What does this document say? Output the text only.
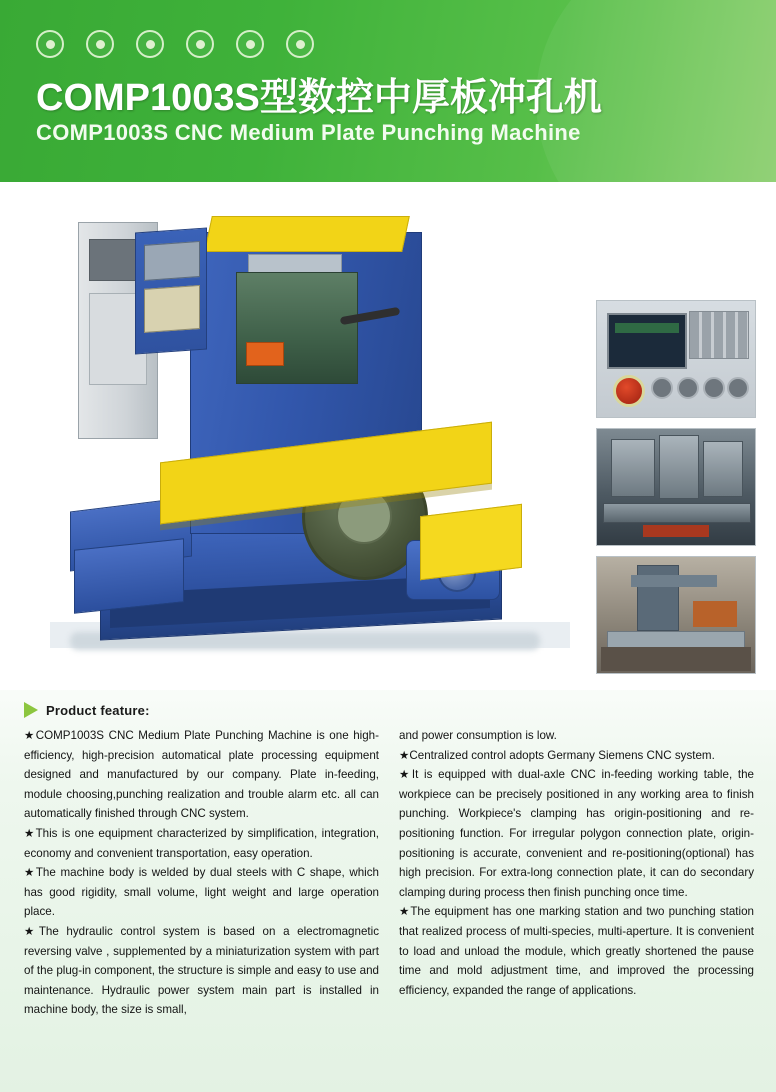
COMP1003S型数控中厚板冲孔机
COMP1003S CNC Medium Plate Punching Machine
Product feature:

★COMP1003S CNC Medium Plate Punching Machine is one high-efficiency, high-precision automatical plate processing equipment designed and manufactured by our company. Plate in-feeding, module choosing,punching realization and trouble alarm etc. all can automatically finished through CNC system.

★This is one equipment characterized by simplification, integration, economy and convenient transportation, easy operation.

★The machine body is welded by dual steels with C shape, which has good rigidity, small volume, light weight and large operation place.

★The hydraulic control system is based on a electromagnetic reversing valve , supplemented by a miniaturization system with part of the plug-in component, the structure is simple and easy to use and maintenance. Hydraulic power system main part is installed in machine body, the size is small,

and power consumption is low.

★Centralized control adopts Germany Siemens CNC system.

★It is equipped with dual-axle CNC in-feeding working table, the workpiece can be precisely positioned in any working area to finish punching. Workpiece's clamping has origin-positioning and re-positioning function. For irregular polygon connection plate, origin-positioning is accurate, convenient and re-positioning(optional) has high precision. For extra-long connection plate, it can do secondary clamping during process then finish punching once time.

★The equipment has one marking station and two punching station that realized process of multi-species, multi-aperture. It is convenient to load and unload the module, which greatly shortened the pause time and mold adjustment time, and improved the processing efficiency, expanded the range of applications.
